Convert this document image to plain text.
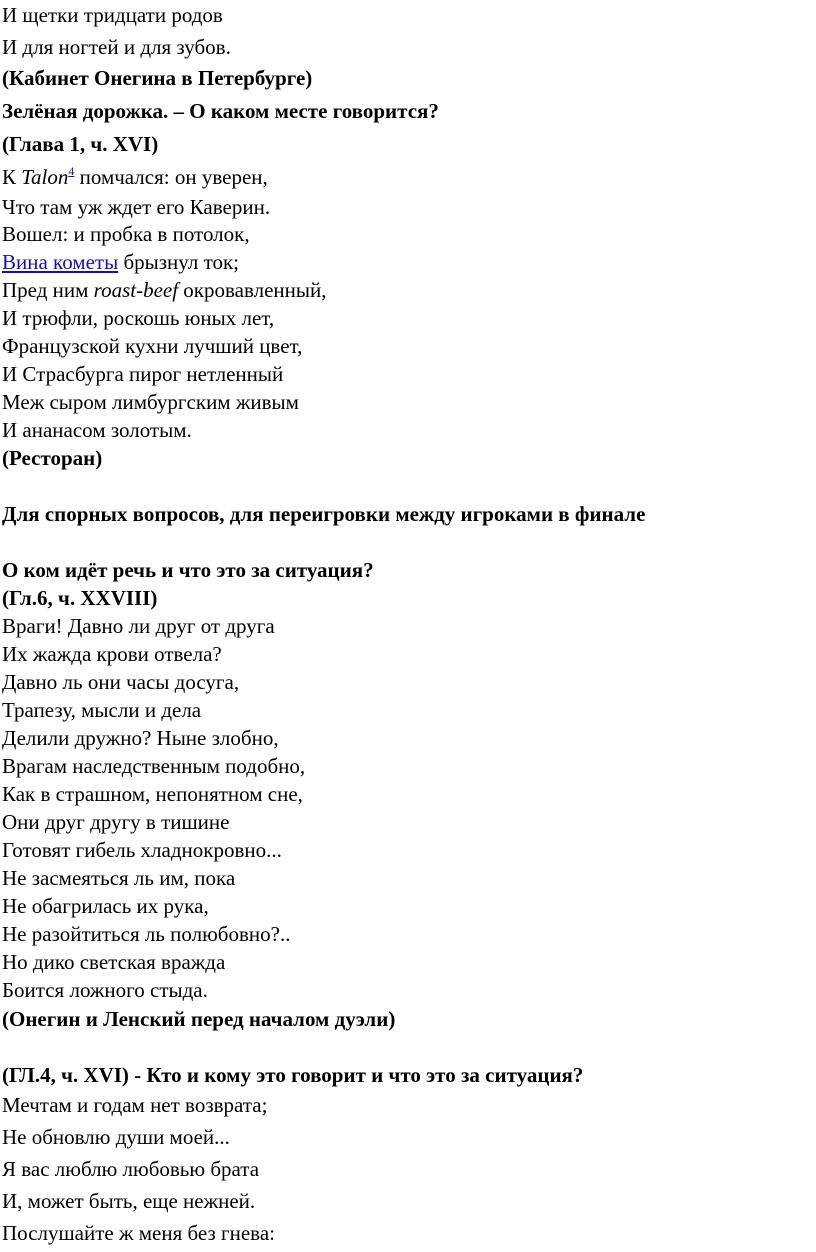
И щетки тридцати родов
И для ногтей и для зубов.
(Кабинет Онегина в Петербурге)
Зелёная дорожка. – О каком месте говорится?
(Глава 1, ч. XVI)
К Talon$^4$ помчался: он уверен,
Что там уж ждет его Каверин.
Вошел: и пробка в потолок,
Вина кометы брызнул ток;
Пред ним roast-beef окровавленный,
И трюфли, роскошь юных лет,
Французской кухни лучший цвет,
И Страсбурга пирог нетленный
Меж сыром лимбургским живым
И ананасом золотым.
(Ресторан)
Для спорных вопросов, для переигровки между игроками в финале
О ком идёт речь и что это за ситуация?
(Гл.6, ч. XXVIII)
Враги! Давно ли друг от друга
Их жажда крови отвела?
Давно ль они часы досуга,
Трапезу, мысли и дела
Делили дружно? Ныне злобно,
Врагам наследственным подобно,
Как в страшном, непонятном сне,
Они друг другу в тишине
Готовят гибель хладнокровно...
Не засмеяться ль им, пока
Не обагрилась их рука,
Не разойтиться ль полюбовно?..
Но дико светская вражда
Боится ложного стыда.
(Онегин и Ленский перед началом дуэли)
(ГЛ.4, ч. XVI) - Кто и кому это говорит и что это за ситуация?
Мечтам и годам нет возврата;
Не обновлю души моей...
Я вас люблю любовью брата
И, может быть, еще нежней.
Послушайте ж меня без гнева:
